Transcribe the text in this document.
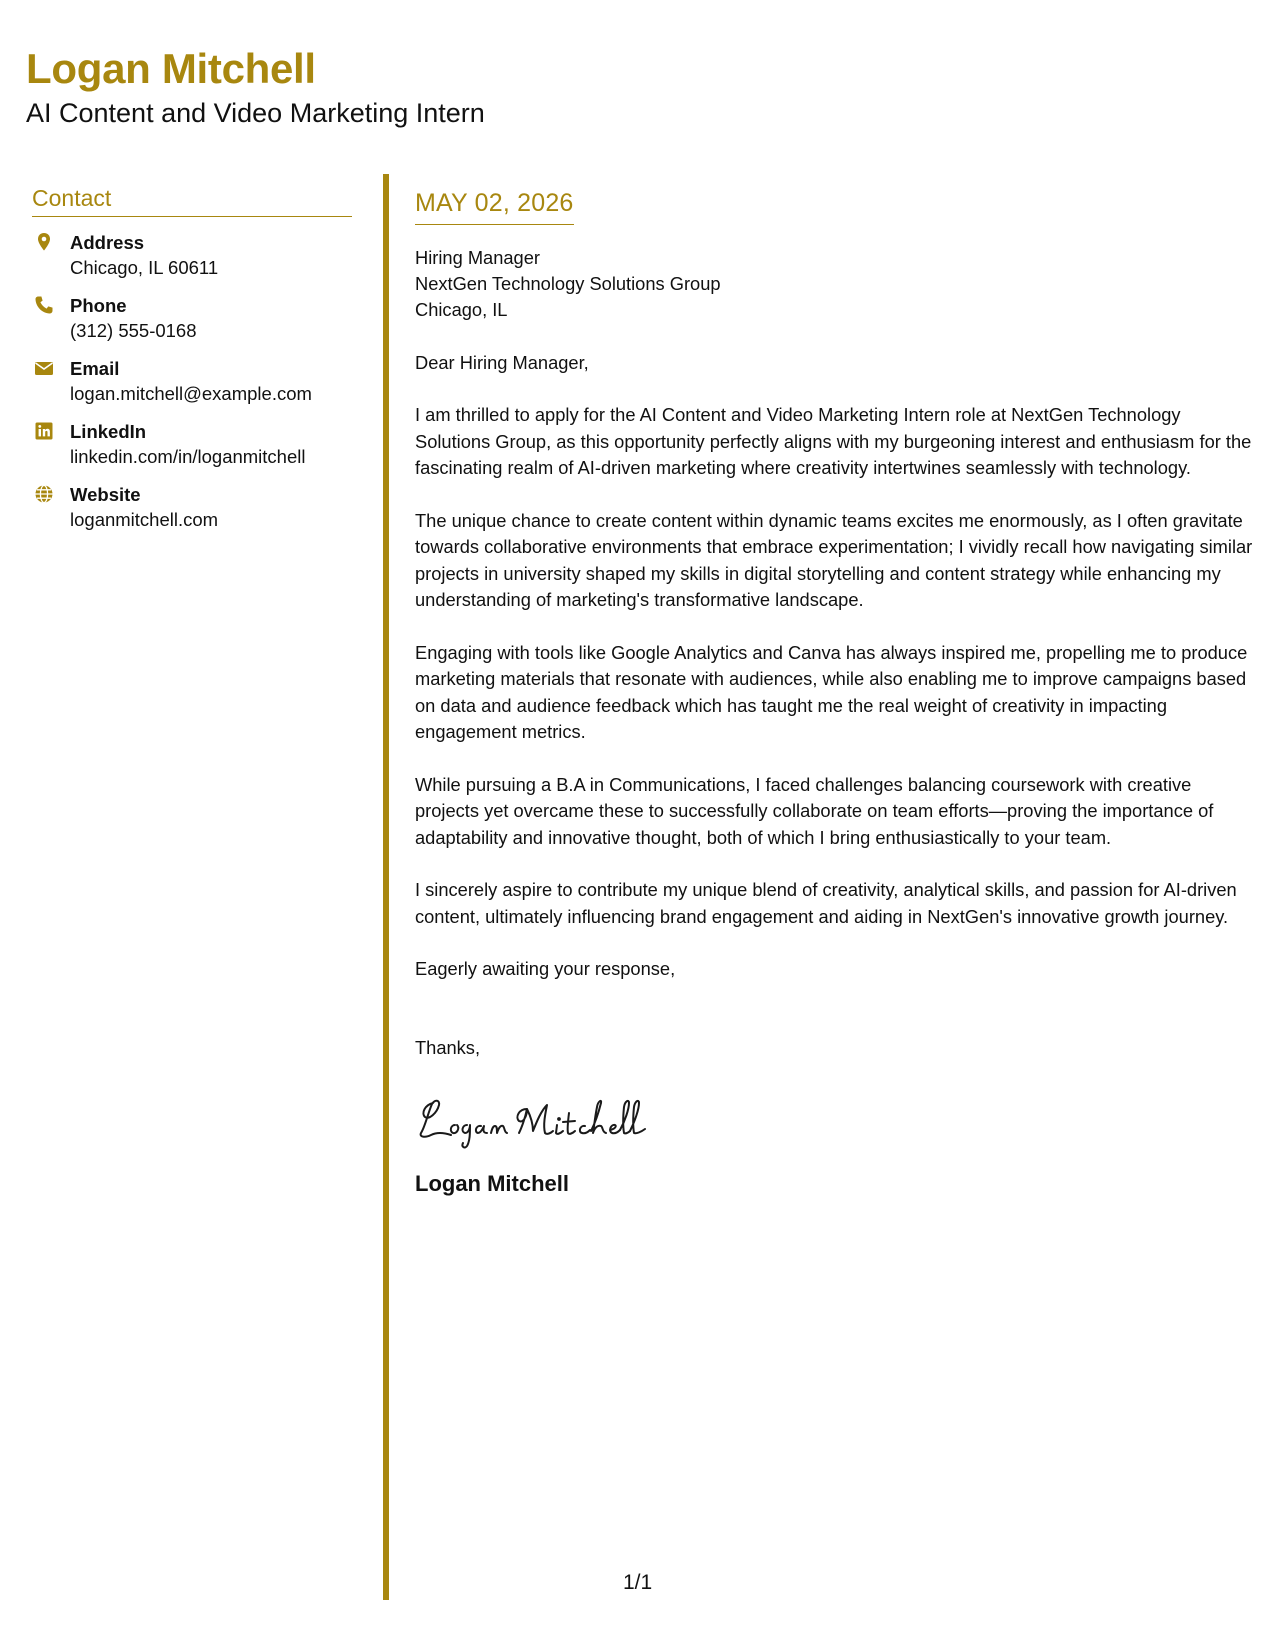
Logan Mitchell
AI Content and Video Marketing Intern
Contact
Address
Chicago, IL 60611
Phone
(312) 555-0168
Email
logan.mitchell@example.com
LinkedIn
linkedin.com/in/loganmitchell
Website
loganmitchell.com
MAY 02, 2026
Hiring Manager
NextGen Technology Solutions Group
Chicago, IL
Dear Hiring Manager,
I am thrilled to apply for the AI Content and Video Marketing Intern role at NextGen Technology Solutions Group, as this opportunity perfectly aligns with my burgeoning interest and enthusiasm for the fascinating realm of AI-driven marketing where creativity intertwines seamlessly with technology.
The unique chance to create content within dynamic teams excites me enormously, as I often gravitate towards collaborative environments that embrace experimentation; I vividly recall how navigating similar projects in university shaped my skills in digital storytelling and content strategy while enhancing my understanding of marketing's transformative landscape.
Engaging with tools like Google Analytics and Canva has always inspired me, propelling me to produce marketing materials that resonate with audiences, while also enabling me to improve campaigns based on data and audience feedback which has taught me the real weight of creativity in impacting engagement metrics.
While pursuing a B.A in Communications, I faced challenges balancing coursework with creative projects yet overcame these to successfully collaborate on team efforts—proving the importance of adaptability and innovative thought, both of which I bring enthusiastically to your team.
I sincerely aspire to contribute my unique blend of creativity, analytical skills, and passion for AI-driven content, ultimately influencing brand engagement and aiding in NextGen's innovative growth journey.
Eagerly awaiting your response,
Thanks,
Logan Mitchell
1/1
